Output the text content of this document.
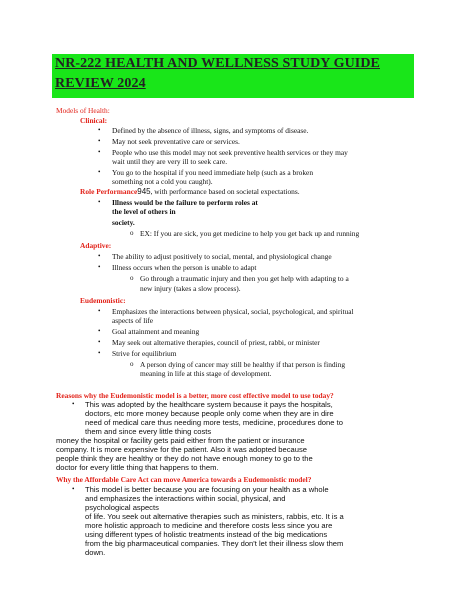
NR-222 HEALTH AND WELLNESS STUDY GUIDE
REVIEW 2024
Models of Health:
Clinical:
• Defined by the absence of illness, signs, and symptoms of disease.
• May not seek preventative care or services.
• People who use this model may not seek preventive health services or they may
wait until they are very ill to seek care.
• You go to the hospital if you need immediate help (such as a broken
something not a cold you caught).
Role Performance945, with performance based on societal expectations.
• Illness would be the failure to perform roles at
the level of others in
society.
o EX: If you are sick, you get medicine to help you get back up and running
Adaptive:
• The ability to adjust positively to social, mental, and physiological change
• Illness occurs when the person is unable to adapt
o Go through a traumatic injury and then you get help with adapting to a
new injury (takes a slow process).
Eudemonistic:
• Emphasizes the interactions between physical, social, psychological, and spiritual
aspects of life
• Goal attainment and meaning
• May seek out alternative therapies, council of priest, rabbi, or minister
• Strive for equilibrium
o A person dying of cancer may still be healthy if that person is finding
meaning in life at this stage of development.
Reasons why the Eudemonistic model is a better, more cost effective model to use today?
• This was adopted by the healthcare system because it pays the hospitals,
doctors, etc more money because people only come when they are in dire
need of medical care thus needing more tests, medicine, procedures done to
them and since every little thing costs
money the hospital or facility gets paid either from the patient or insurance
company. It is more expensive for the patient. Also it was adopted because
people think they are healthy or they do not have enough money to go to the
doctor for every little thing that happens to them.
Why the Affordable Care Act can move America towards a Eudemonistic model?
• This model is better because you are focusing on your health as a whole
and emphasizes the interactions within social, physical, and
psychological aspects
of life. You seek out alternative therapies such as ministers, rabbis, etc. It is a
more holistic approach to medicine and therefore costs less since you are
using different types of holistic treatments instead of the big medications
from the big pharmaceutical companies. They don't let their illness slow them
down.
